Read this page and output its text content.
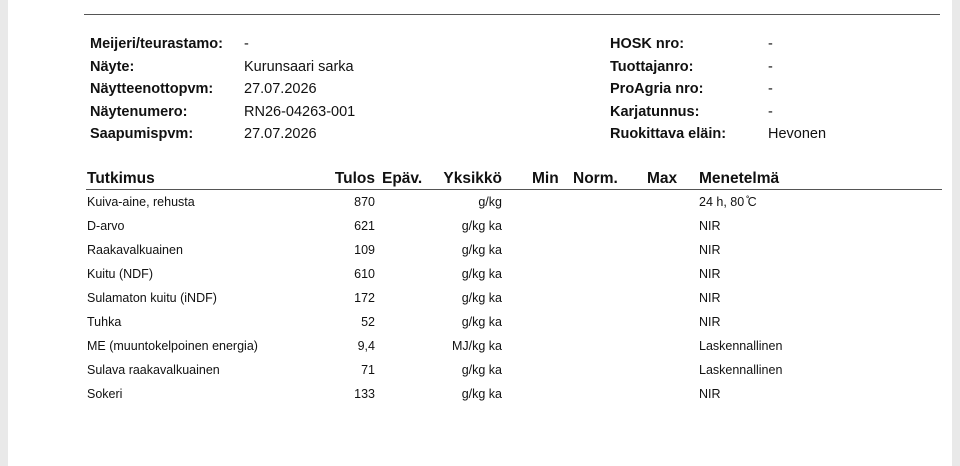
Meijeri/teurastamo: -
Näyte:	Kurunsaari sarka
Näytteenottopvm: 27.07.2026
Näytenumero:	RN26-04263-001
Saapumispvm:	27.07.2026
HOSK nro:	-
Tuottajanro:	-
ProAgria nro:	-
Karjatunnus:	-
Ruokittava eläin:	Hevonen
Tutkimus	Tulos Epäv. Yksikkö Min Norm. Max Menetelmä
Kuiva-aine, rehusta	870	g/kg	24 h, 80 ̊C
D-arvo	621	g/kg ka	NIR
Raakavalkuainen	109	g/kg ka	NIR
Kuitu (NDF)	610	g/kg ka	NIR
Sulamaton kuitu (iNDF)	172	g/kg ka	NIR
Tuhka	52	g/kg ka	NIR
ME (muuntokelpoinen energia)	9,4	MJ/kg ka	Laskennallinen
Sulava raakavalkuainen	71	g/kg ka	Laskennallinen
Sokeri	133	g/kg ka	NIR
